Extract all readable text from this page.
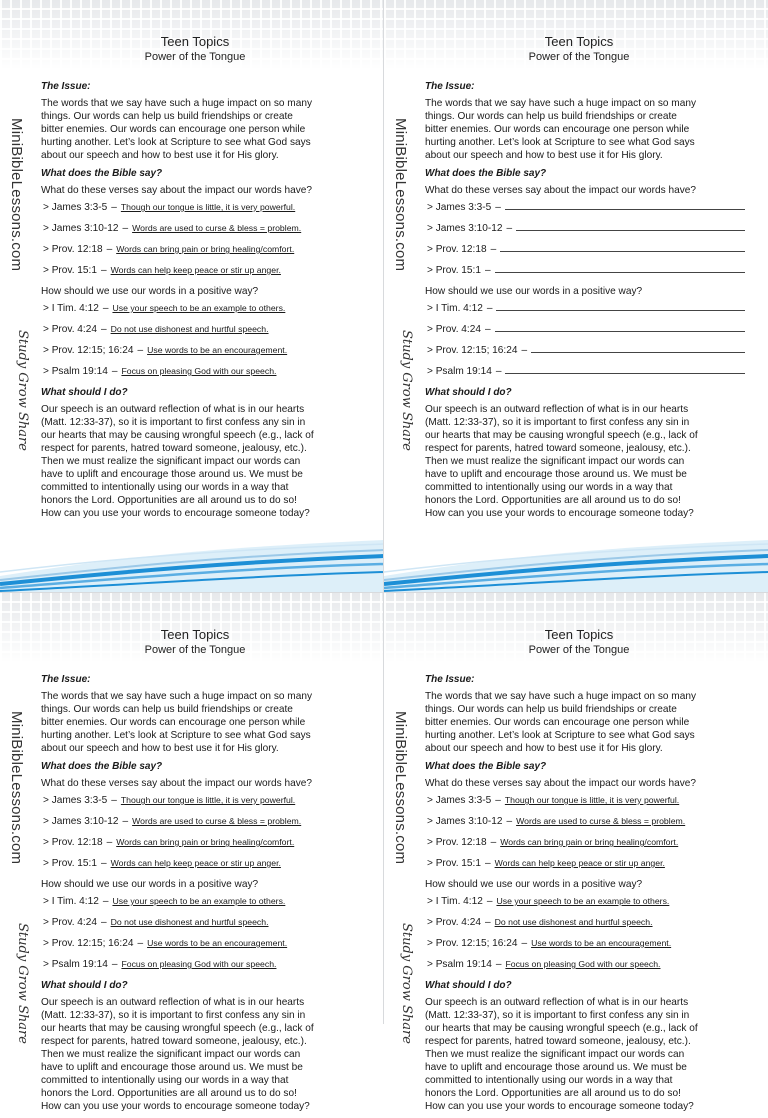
Teen Topics
Power of the Tongue
MiniBibleLessons.com
Study Grow Share
The Issue:
The words that we say have such a huge impact on so many
things. Our words can help us build friendships or create
bitter enemies. Our words can encourage one person while
hurting another. Let’s look at Scripture to see what God says
about our speech and how to best use it for His glory.
What does the Bible say?
What do these verses say about the impact our words have?
> James 3:3-5 – Though our tongue is little, it is very powerful.
> James 3:10-12 – Words are used to curse & bless = problem.
> Prov. 12:18 – Words can bring pain or bring healing/comfort.
> Prov. 15:1 – Words can help keep peace or stir up anger.
How should we use our words in a positive way?
> I Tim. 4:12 – Use your speech to be an example to others.
> Prov. 4:24 – Do not use dishonest and hurtful speech.
> Prov. 12:15; 16:24 – Use words to be an encouragement.
> Psalm 19:14 – Focus on pleasing God with our speech.
What should I do?
Our speech is an outward reflection of what is in our hearts
(Matt. 12:33-37), so it is important to first confess any sin in
our hearts that may be causing wrongful speech (e.g., lack of
respect for parents, hatred toward someone, jealousy, etc.).
Then we must realize the significant impact our words can
have to uplift and encourage those around us. We must be
committed to intentionally using our words in a way that
honors the Lord. Opportunities are all around us to do so!
How can you use your words to encourage someone today?
Teen Topics
Power of the Tongue
MiniBibleLessons.com
Study Grow Share
The Issue:
The words that we say have such a huge impact on so many
things. Our words can help us build friendships or create
bitter enemies. Our words can encourage one person while
hurting another. Let’s look at Scripture to see what God says
about our speech and how to best use it for His glory.
What does the Bible say?
What do these verses say about the impact our words have?
> James 3:3-5 –
> James 3:10-12 –
> Prov. 12:18 –
> Prov. 15:1 –
How should we use our words in a positive way?
> I Tim. 4:12 –
> Prov. 4:24 –
> Prov. 12:15; 16:24 –
> Psalm 19:14 –
What should I do?
Our speech is an outward reflection of what is in our hearts
(Matt. 12:33-37), so it is important to first confess any sin in
our hearts that may be causing wrongful speech (e.g., lack of
respect for parents, hatred toward someone, jealousy, etc.).
Then we must realize the significant impact our words can
have to uplift and encourage those around us. We must be
committed to intentionally using our words in a way that
honors the Lord. Opportunities are all around us to do so!
How can you use your words to encourage someone today?
Teen Topics
Power of the Tongue
MiniBibleLessons.com
Study Grow Share
The Issue:
The words that we say have such a huge impact on so many
things. Our words can help us build friendships or create
bitter enemies. Our words can encourage one person while
hurting another. Let’s look at Scripture to see what God says
about our speech and how to best use it for His glory.
What does the Bible say?
What do these verses say about the impact our words have?
> James 3:3-5 – Though our tongue is little, it is very powerful.
> James 3:10-12 – Words are used to curse & bless = problem.
> Prov. 12:18 – Words can bring pain or bring healing/comfort.
> Prov. 15:1 – Words can help keep peace or stir up anger.
How should we use our words in a positive way?
> I Tim. 4:12 – Use your speech to be an example to others.
> Prov. 4:24 – Do not use dishonest and hurtful speech.
> Prov. 12:15; 16:24 – Use words to be an encouragement.
> Psalm 19:14 – Focus on pleasing God with our speech.
What should I do?
Our speech is an outward reflection of what is in our hearts
(Matt. 12:33-37), so it is important to first confess any sin in
our hearts that may be causing wrongful speech (e.g., lack of
respect for parents, hatred toward someone, jealousy, etc.).
Then we must realize the significant impact our words can
have to uplift and encourage those around us. We must be
committed to intentionally using our words in a way that
honors the Lord. Opportunities are all around us to do so!
How can you use your words to encourage someone today?
Teen Topics
Power of the Tongue
MiniBibleLessons.com
Study Grow Share
The Issue:
The words that we say have such a huge impact on so many
things. Our words can help us build friendships or create
bitter enemies. Our words can encourage one person while
hurting another. Let’s look at Scripture to see what God says
about our speech and how to best use it for His glory.
What does the Bible say?
What do these verses say about the impact our words have?
> James 3:3-5 – Though our tongue is little, it is very powerful.
> James 3:10-12 – Words are used to curse & bless = problem.
> Prov. 12:18 – Words can bring pain or bring healing/comfort.
> Prov. 15:1 – Words can help keep peace or stir up anger.
How should we use our words in a positive way?
> I Tim. 4:12 – Use your speech to be an example to others.
> Prov. 4:24 – Do not use dishonest and hurtful speech.
> Prov. 12:15; 16:24 – Use words to be an encouragement.
> Psalm 19:14 – Focus on pleasing God with our speech.
What should I do?
Our speech is an outward reflection of what is in our hearts
(Matt. 12:33-37), so it is important to first confess any sin in
our hearts that may be causing wrongful speech (e.g., lack of
respect for parents, hatred toward someone, jealousy, etc.).
Then we must realize the significant impact our words can
have to uplift and encourage those around us. We must be
committed to intentionally using our words in a way that
honors the Lord. Opportunities are all around us to do so!
How can you use your words to encourage someone today?
